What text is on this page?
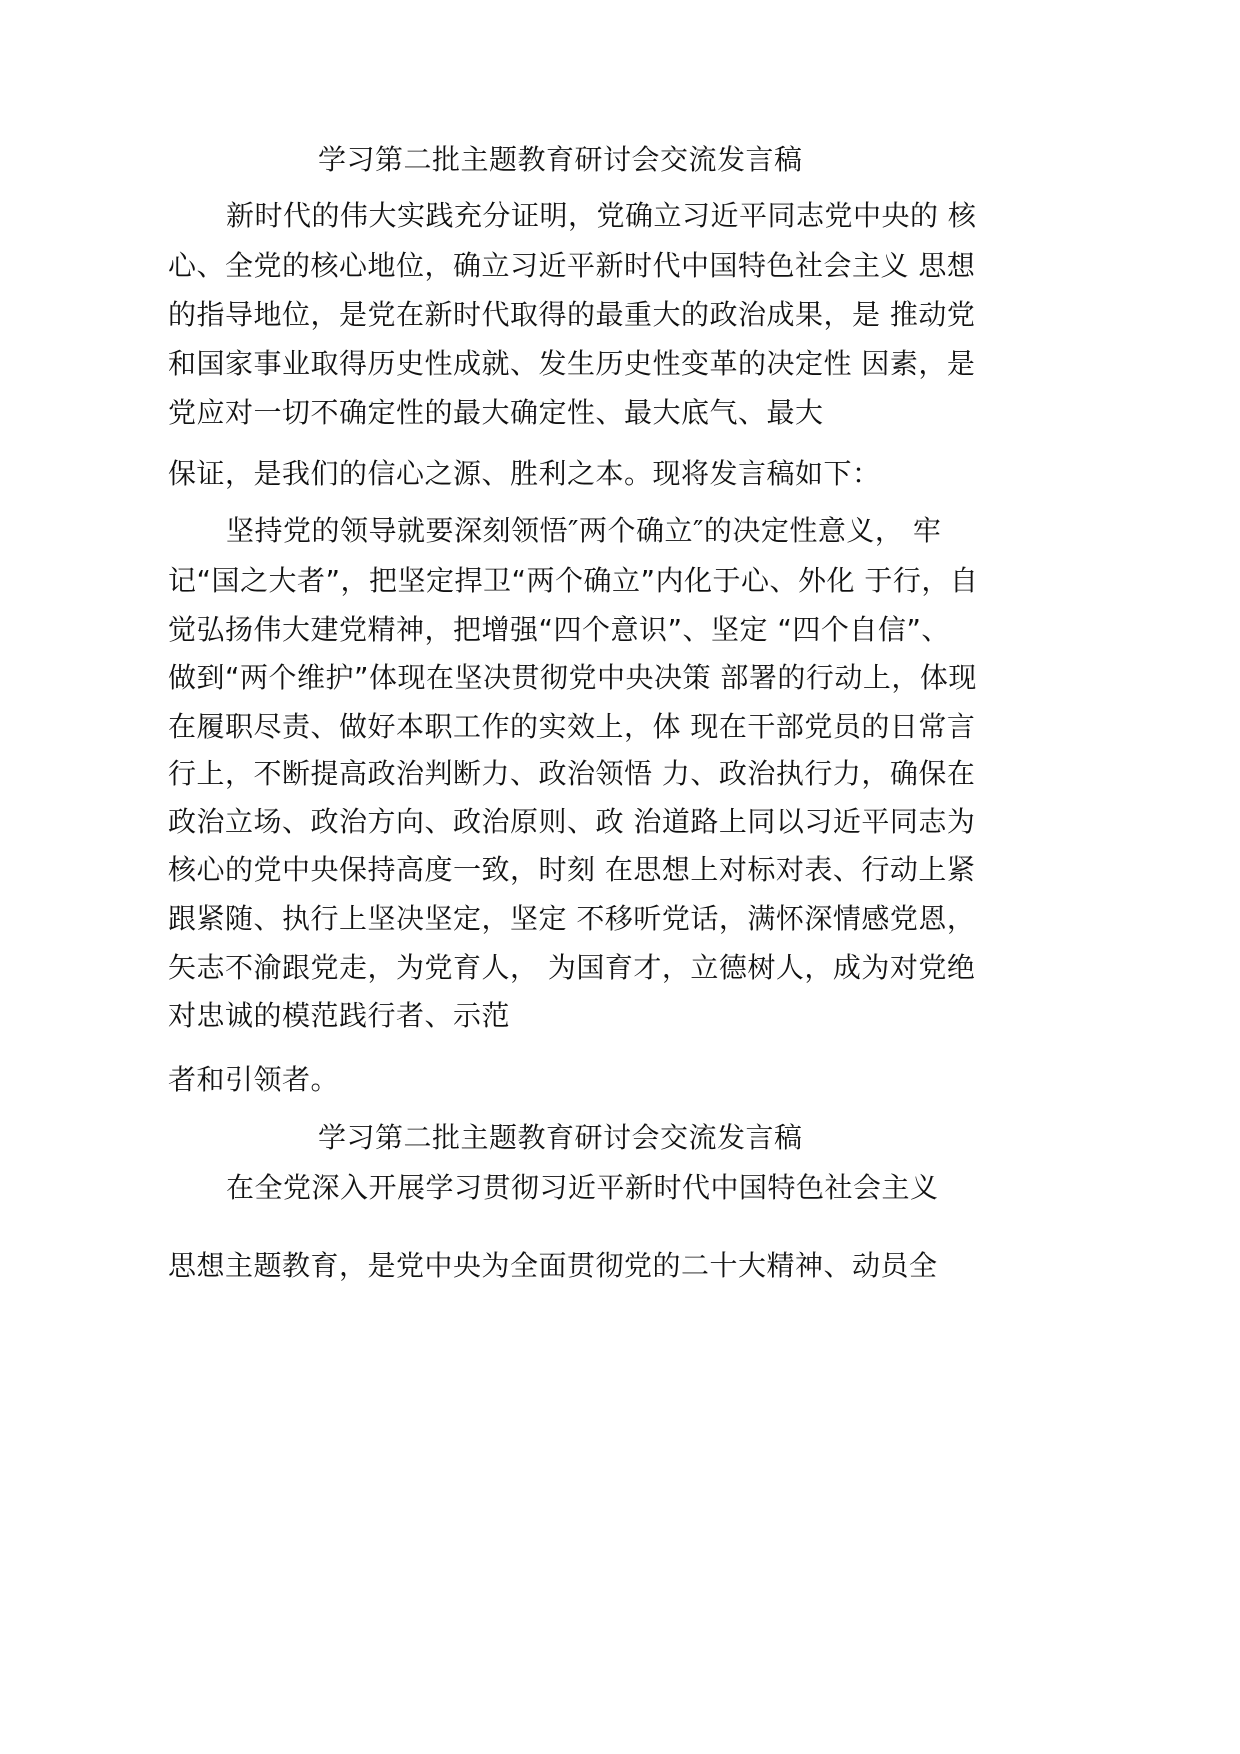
学习第二批主题教育研讨会交流发言稿
新时代的伟大实践充分证明，党确立习近平同志党中央的 核
心、全党的核心地位，确立习近平新时代中国特色社会主义 思想
的指导地位，是党在新时代取得的最重大的政治成果，是 推动党
和国家事业取得历史性成就、发生历史性变革的决定性 因素，是
党应对一切不确定性的最大确定性、最大底气、最大
保证，是我们的信心之源、胜利之本。现将发言稿如下：
坚持党的领导就要深刻领悟″两个确立″的决定性意义， 牢
记“国之大者”，把坚定捍卫“两个确立”内化于心、外化 于行，自
觉弘扬伟大建党精神，把增强“四个意识”、坚定 “四个自信”、
做到“两个维护”体现在坚决贯彻党中央决策 部署的行动上，体现
在履职尽责、做好本职工作的实效上，体 现在干部党员的日常言
行上，不断提高政治判断力、政治领悟 力、政治执行力，确保在
政治立场、政治方向、政治原则、政 治道路上同以习近平同志为
核心的党中央保持高度一致，时刻 在思想上对标对表、行动上紧
跟紧随、执行上坚决坚定，坚定 不移听党话，满怀深情感党恩，
矢志不渝跟党走，为党育人， 为国育才，立德树人，成为对党绝
对忠诚的模范践行者、示范
者和引领者。
学习第二批主题教育研讨会交流发言稿
在全党深入开展学习贯彻习近平新时代中国特色社会主义
思想主题教育，是党中央为全面贯彻党的二十大精神、动员全
